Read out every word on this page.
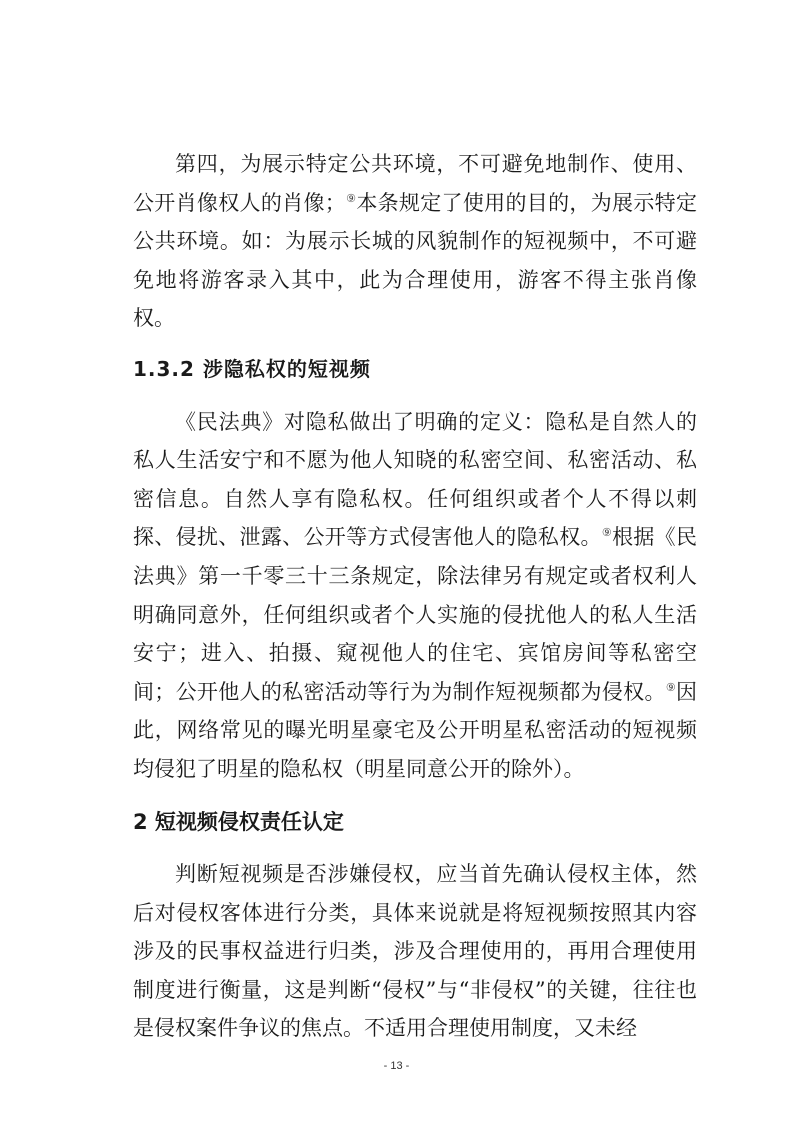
第四，为展示特定公共环境，不可避免地制作、使用、公开肖像权人的肖像；⑨本条规定了使用的目的，为展示特定公共环境。如：为展示长城的风貌制作的短视频中，不可避免地将游客录入其中，此为合理使用，游客不得主张肖像权。

1.3.2 涉隐私权的短视频

《民法典》对隐私做出了明确的定义：隐私是自然人的私人生活安宁和不愿为他人知晓的私密空间、私密活动、私密信息。自然人享有隐私权。任何组织或者个人不得以刺探、侵扰、泄露、公开等方式侵害他人的隐私权。⑨根据《民法典》第一千零三十三条规定，除法律另有规定或者权利人明确同意外，任何组织或者个人实施的侵扰他人的私人生活安宁；进入、拍摄、窥视他人的住宅、宾馆房间等私密空间；公开他人的私密活动等行为为制作短视频都为侵权。⑨因此，网络常见的曝光明星豪宅及公开明星私密活动的短视频均侵犯了明星的隐私权（明星同意公开的除外）。

2 短视频侵权责任认定

判断短视频是否涉嫌侵权，应当首先确认侵权主体，然后对侵权客体进行分类，具体来说就是将短视频按照其内容涉及的民事权益进行归类，涉及合理使用的，再用合理使用制度进行衡量，这是判断“侵权”与“非侵权”的关键，往往也是侵权案件争议的焦点。不适用合理使用制度，又未经

- 13 -
